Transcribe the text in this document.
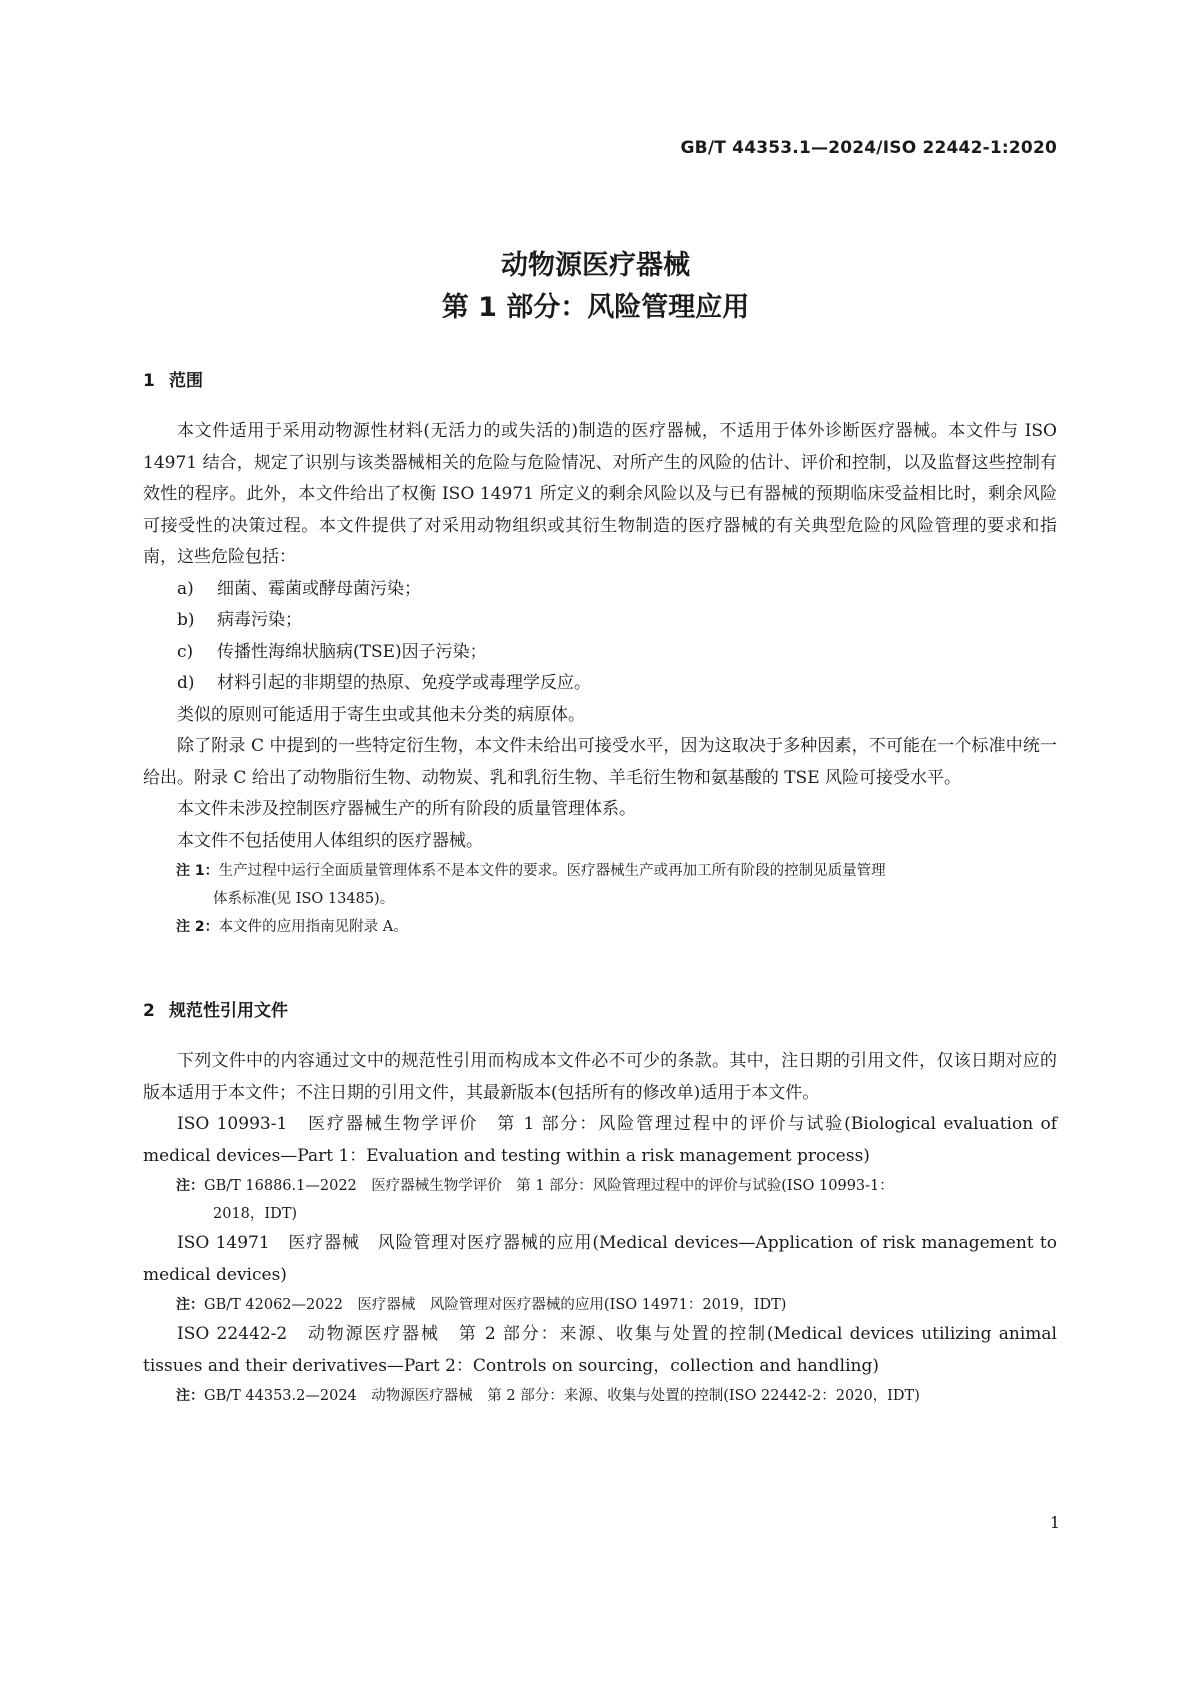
GB/T 44353.1—2024/ISO 22442-1:2020
动物源医疗器械
第 1 部分：风险管理应用
1 范围

本文件适用于采用动物源性材料(无活力的或失活的)制造的医疗器械，不适用于体外诊断医疗器械。本文件与 ISO 14971 结合，规定了识别与该类器械相关的危险与危险情况、对所产生的风险的估计、评价和控制，以及监督这些控制有效性的程序。此外，本文件给出了权衡 ISO 14971 所定义的剩余风险以及与已有器械的预期临床受益相比时，剩余风险可接受性的决策过程。本文件提供了对采用动物组织或其衍生物制造的医疗器械的有关典型危险的风险管理的要求和指南，这些危险包括：

a) 细菌、霉菌或酵母菌污染；

b) 病毒污染；

c) 传播性海绵状脑病(TSE)因子污染；

d) 材料引起的非期望的热原、免疫学或毒理学反应。

类似的原则可能适用于寄生虫或其他未分类的病原体。

除了附录 C 中提到的一些特定衍生物，本文件未给出可接受水平，因为这取决于多种因素，不可能在一个标准中统一给出。附录 C 给出了动物脂衍生物、动物炭、乳和乳衍生物、羊毛衍生物和氨基酸的 TSE 风险可接受水平。

本文件未涉及控制医疗器械生产的所有阶段的质量管理体系。

本文件不包括使用人体组织的医疗器械。

注 1：生产过程中运行全面质量管理体系不是本文件的要求。医疗器械生产或再加工所有阶段的控制见质量管理
体系标准(见 ISO 13485)。

注 2：本文件的应用指南见附录 A。

2 规范性引用文件

下列文件中的内容通过文中的规范性引用而构成本文件必不可少的条款。其中，注日期的引用文件，仅该日期对应的版本适用于本文件；不注日期的引用文件，其最新版本(包括所有的修改单)适用于本文件。

ISO 10993-1　医疗器械生物学评价　第 1 部分：风险管理过程中的评价与试验(Biological evaluation of medical devices—Part 1：Evaluation and testing within a risk management process)

注：GB/T 16886.1—2022　医疗器械生物学评价　第 1 部分：风险管理过程中的评价与试验(ISO 10993-1：
2018，IDT)

ISO 14971　医疗器械　风险管理对医疗器械的应用(Medical devices—Application of risk management to medical devices)

注：GB/T 42062—2022　医疗器械　风险管理对医疗器械的应用(ISO 14971：2019，IDT)

ISO 22442-2　动物源医疗器械　第 2 部分：来源、收集与处置的控制(Medical devices utilizing animal tissues and their derivatives—Part 2：Controls on sourcing，collection and handling)

注：GB/T 44353.2—2024　动物源医疗器械　第 2 部分：来源、收集与处置的控制(ISO 22442-2：2020，IDT)

1
